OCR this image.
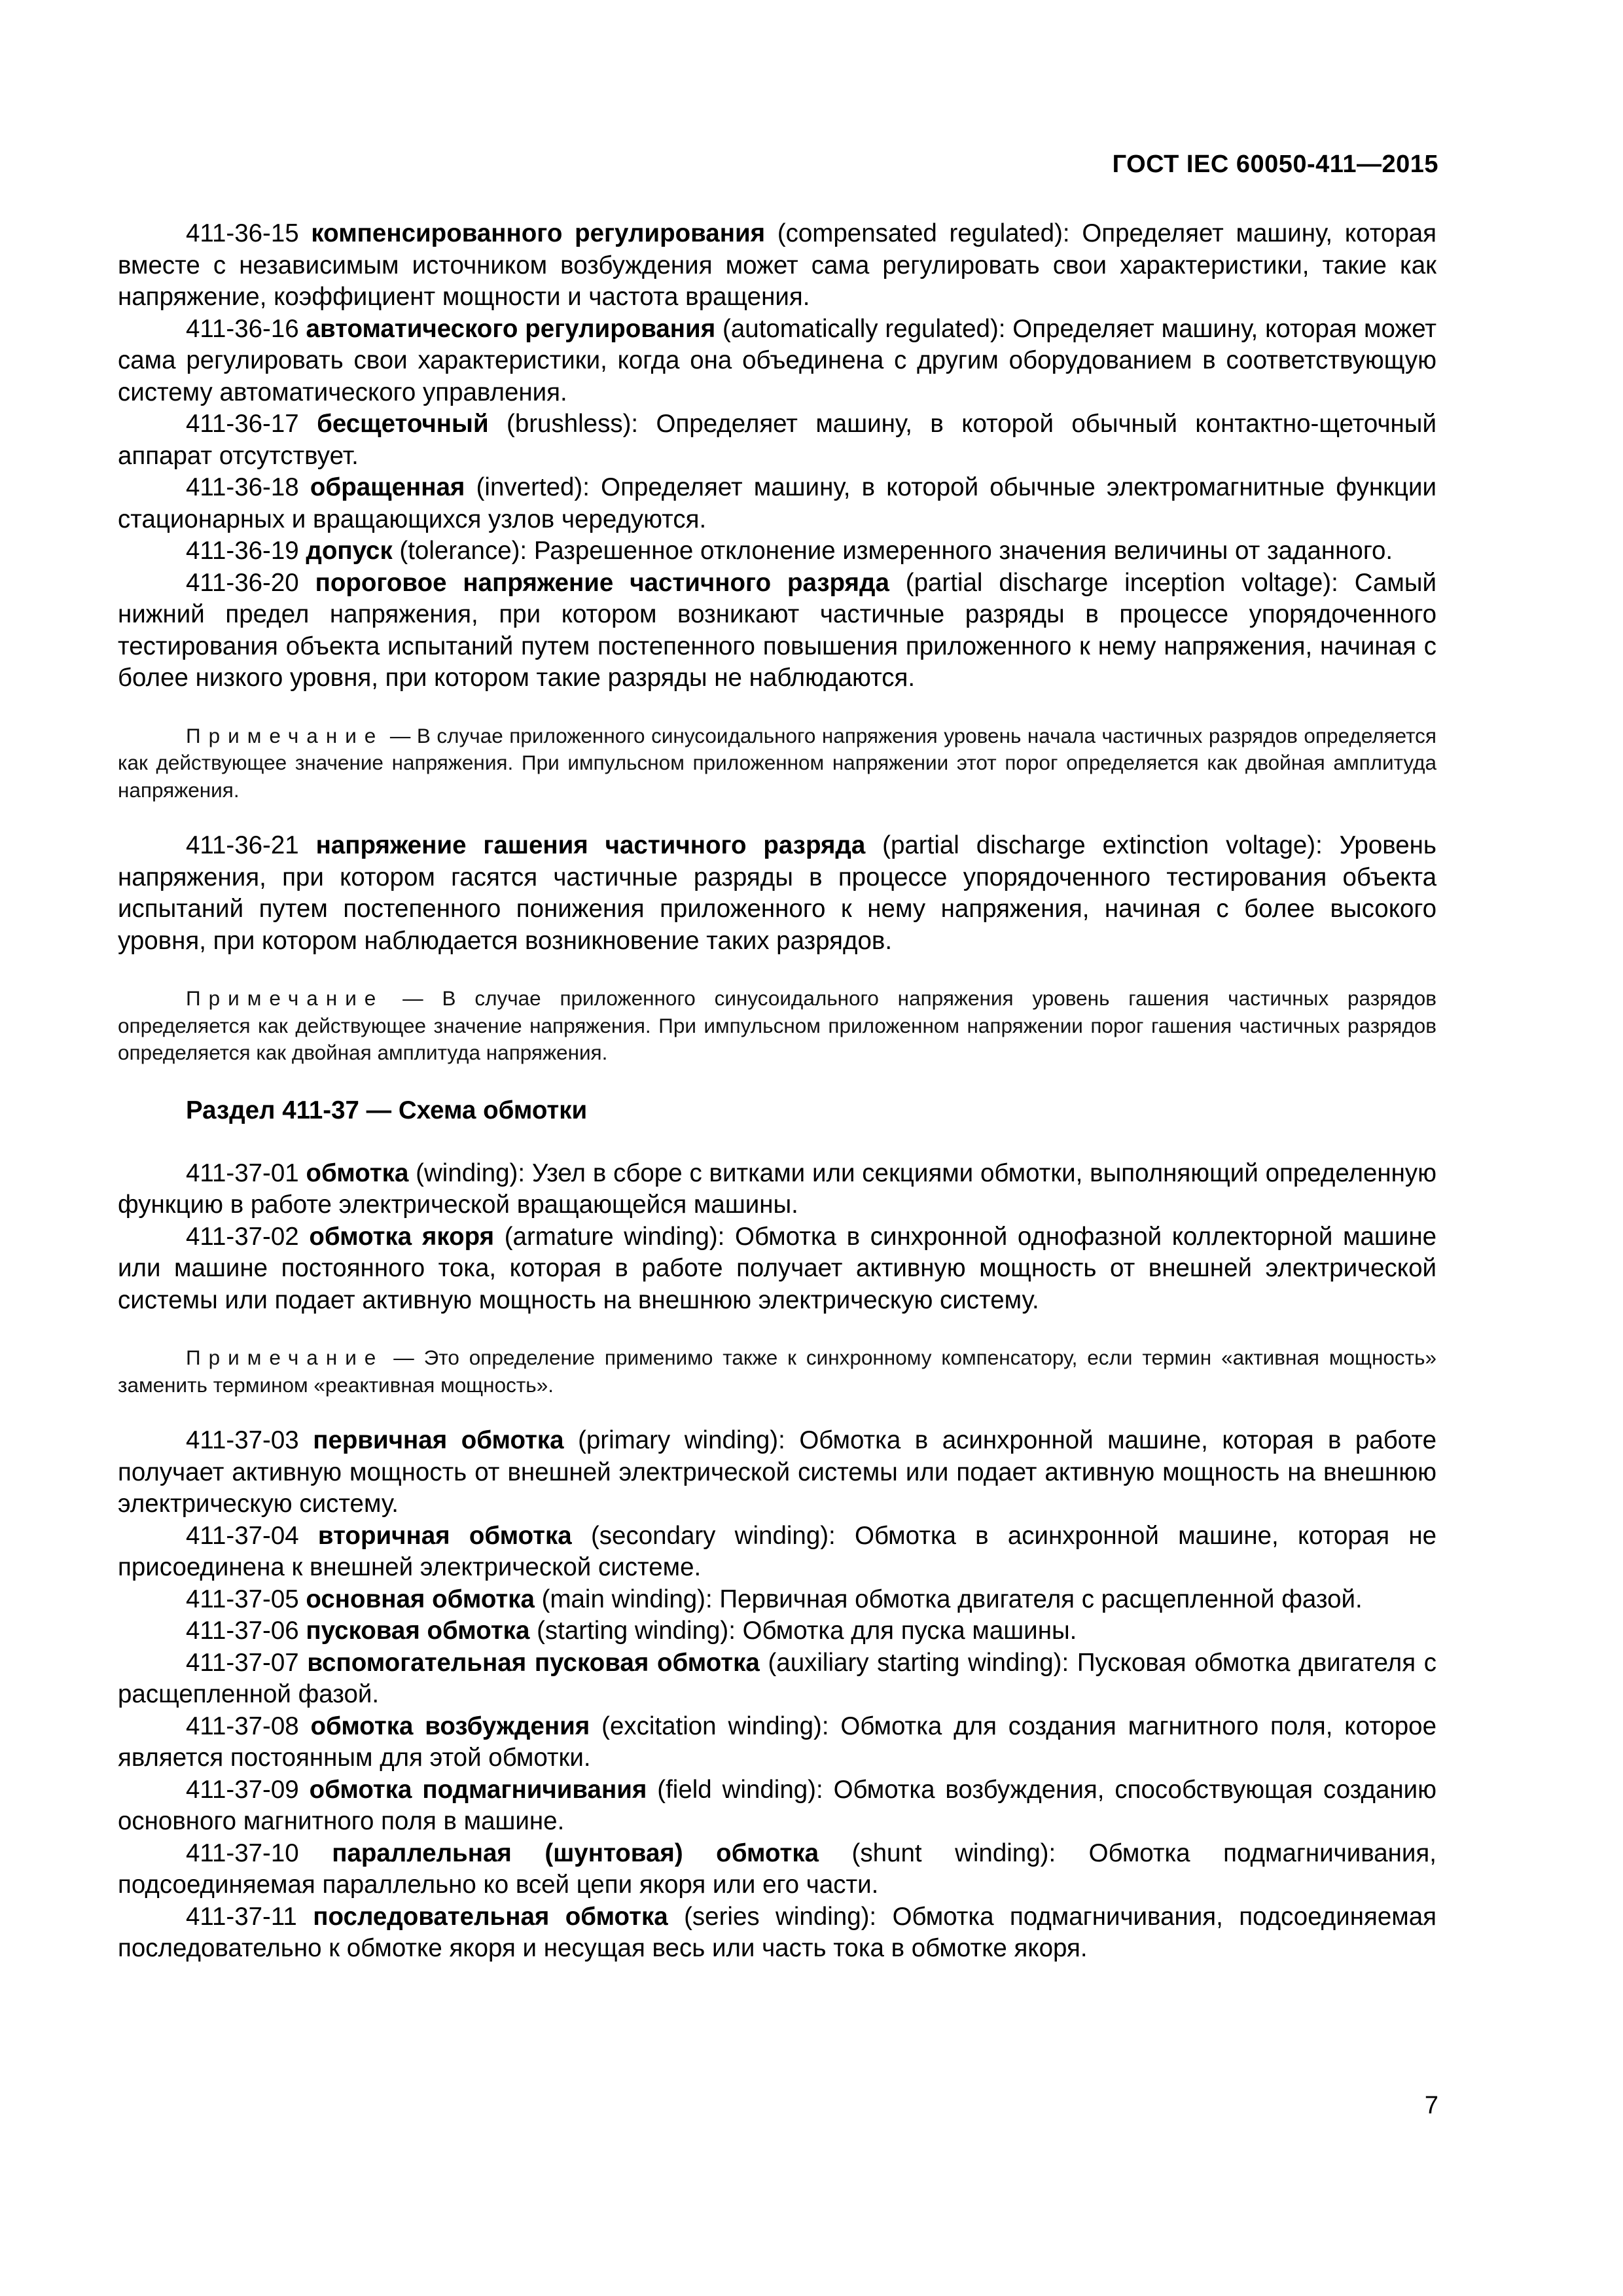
ГОСТ IEC 60050-411—2015

411-36-15 компенсированного регулирования (compensated regulated): Определяет машину, которая вместе с независимым источником возбуждения может сама регулировать свои характеристики, такие как напряжение, коэффициент мощности и частота вращения.

411-36-16 автоматического регулирования (automatically regulated): Определяет машину, которая может сама регулировать свои характеристики, когда она объединена с другим оборудованием в соответствующую систему автоматического управления.

411-36-17 бесщеточный (brushless): Определяет машину, в которой обычный контактно-щеточный аппарат отсутствует.

411-36-18 обращенная (inverted): Определяет машину, в которой обычные электромагнитные функции стационарных и вращающихся узлов чередуются.

411-36-19 допуск (tolerance): Разрешенное отклонение измеренного значения величины от заданного.

411-36-20 пороговое напряжение частичного разряда (partial discharge inception voltage): Самый нижний предел напряжения, при котором возникают частичные разряды в процессе упорядоченного тестирования объекта испытаний путем постепенного повышения приложенного к нему напряжения, начиная с более низкого уровня, при котором такие разряды не наблюдаются.

Примечание — В случае приложенного синусоидального напряжения уровень начала частичных разрядов определяется как действующее значение напряжения. При импульсном приложенном напряжении этот порог определяется как двойная амплитуда напряжения.

411-36-21 напряжение гашения частичного разряда (partial discharge extinction voltage): Уровень напряжения, при котором гасятся частичные разряды в процессе упорядоченного тестирования объекта испытаний путем постепенного понижения приложенного к нему напряжения, начиная с более высокого уровня, при котором наблюдается возникновение таких разрядов.

Примечание — В случае приложенного синусоидального напряжения уровень гашения частичных разрядов определяется как действующее значение напряжения. При импульсном приложенном напряжении порог гашения частичных разрядов определяется как двойная амплитуда напряжения.

Раздел 411-37 — Схема обмотки

411-37-01 обмотка (winding): Узел в сборе с витками или секциями обмотки, выполняющий определенную функцию в работе электрической вращающейся машины.

411-37-02 обмотка якоря (armature winding): Обмотка в синхронной однофазной коллекторной машине или машине постоянного тока, которая в работе получает активную мощность от внешней электрической системы или подает активную мощность на внешнюю электрическую систему.

Примечание — Это определение применимо также к синхронному компенсатору, если термин «активная мощность» заменить термином «реактивная мощность».

411-37-03 первичная обмотка (primary winding): Обмотка в асинхронной машине, которая в работе получает активную мощность от внешней электрической системы или подает активную мощность на внешнюю электрическую систему.

411-37-04 вторичная обмотка (secondary winding): Обмотка в асинхронной машине, которая не присоединена к внешней электрической системе.

411-37-05 основная обмотка (main winding): Первичная обмотка двигателя с расщепленной фазой.

411-37-06 пусковая обмотка (starting winding): Обмотка для пуска машины.

411-37-07 вспомогательная пусковая обмотка (auxiliary starting winding): Пусковая обмотка двигателя с расщепленной фазой.

411-37-08 обмотка возбуждения (excitation winding): Обмотка для создания магнитного поля, которое является постоянным для этой обмотки.

411-37-09 обмотка подмагничивания (field winding): Обмотка возбуждения, способствующая созданию основного магнитного поля в машине.

411-37-10 параллельная (шунтовая) обмотка (shunt winding): Обмотка подмагничивания, подсоединяемая параллельно ко всей цепи якоря или его части.

411-37-11 последовательная обмотка (series winding): Обмотка подмагничивания, подсоединяемая последовательно к обмотке якоря и несущая весь или часть тока в обмотке якоря.

7
